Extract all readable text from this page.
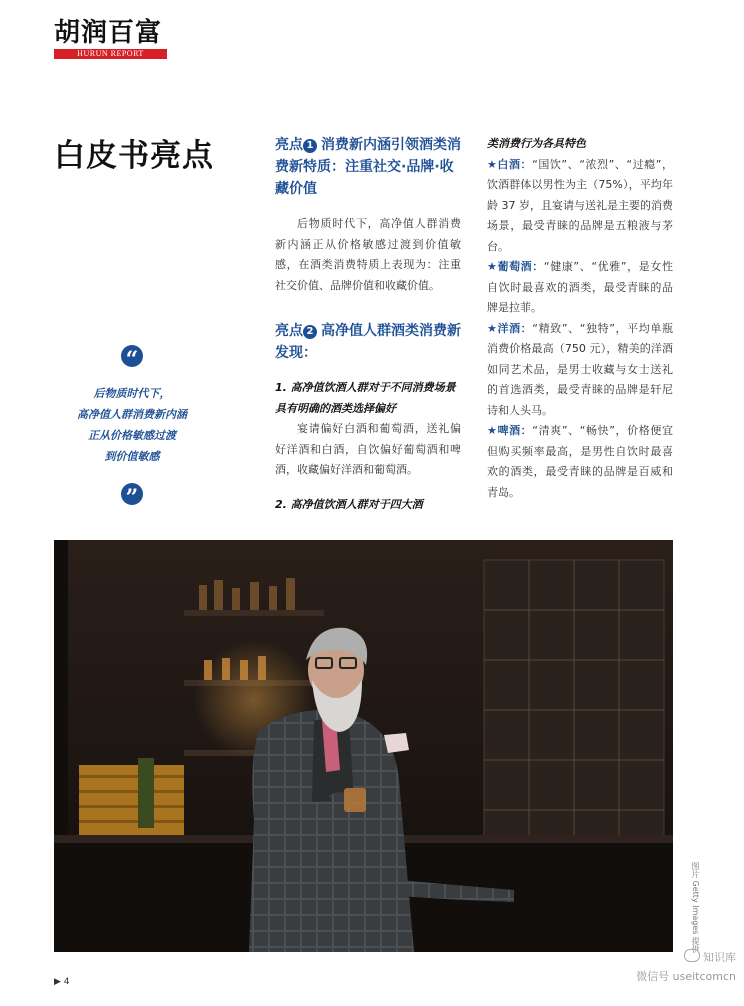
胡润百富
HURUN REPORT
白皮书亮点
“
后物质时代下，
高净值人群消费新内涵
正从价格敏感过渡
到价值敏感
”
亮点 1 消费新内涵引领酒类消费新特质：注重社交·品牌·收藏价值
后物质时代下，高净值人群消费新内涵正从价格敏感过渡到价值敏感，在酒类消费特质上表现为：注重社交价值、品牌价值和收藏价值。
亮点 2 高净值人群酒类消费新发现：
1. 高净值饮酒人群对于不同消费场景具有明确的酒类选择偏好
宴请偏好白酒和葡萄酒，送礼偏好洋酒和白酒，自饮偏好葡萄酒和啤酒，收藏偏好洋酒和葡萄酒。
2. 高净值饮酒人群对于四大酒
类消费行为各具特色
★白酒：“国饮”、“浓烈”、“过瘾”，饮酒群体以男性为主（75%），平均年龄 37 岁，且宴请与送礼是主要的消费场景，最受青睐的品牌是五粮液与茅台。
★葡萄酒：“健康”、“优雅”，是女性自饮时最喜欢的酒类，最受青睐的品牌是拉菲。
★洋酒：“精致”、“独特”，平均单瓶消费价格最高（750 元），精美的洋酒如同艺术品，是男士收藏与女士送礼的首选酒类，最受青睐的品牌是轩尼诗和人头马。
★啤酒：“清爽”、“畅快”，价格便宜但购买频率最高，是男性自饮时最喜欢的酒类，最受青睐的品牌是百威和青岛。
图片 Getty Images 提供
▶ 4
知识库
微信号 useitcomcn
